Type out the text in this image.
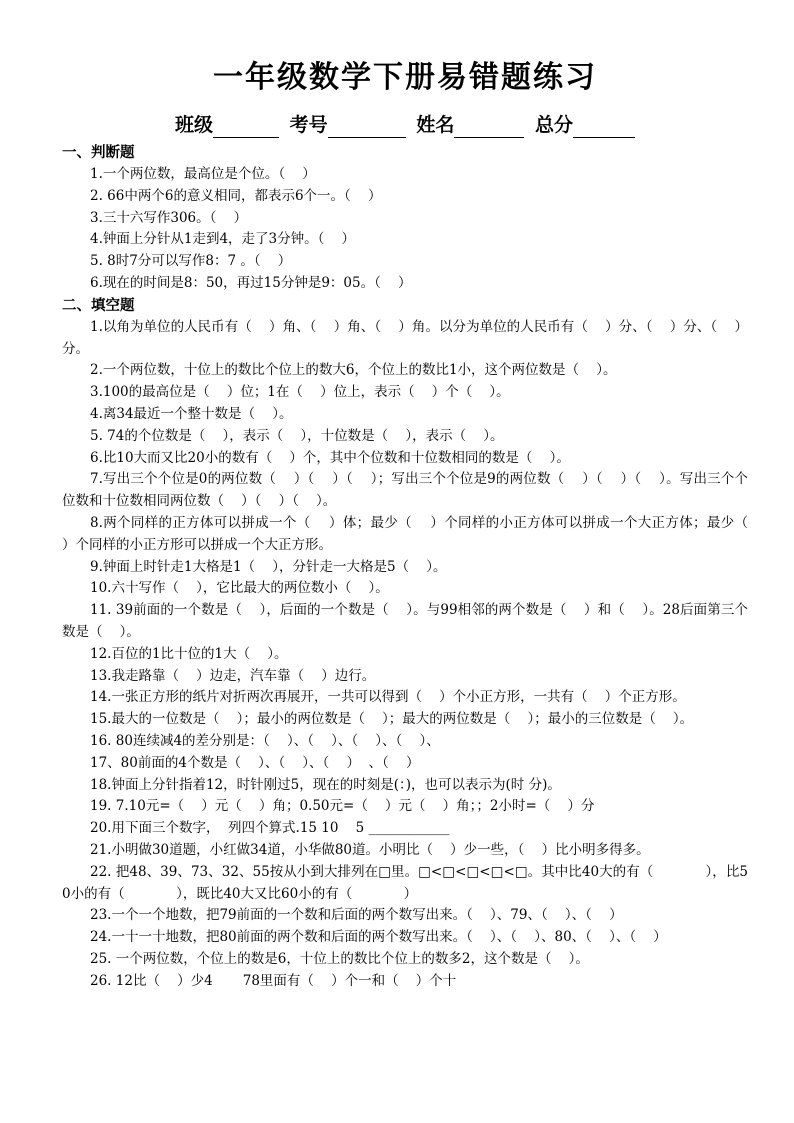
一年级数学下册易错题练习
班级	考号	姓名	总分
一、判断题

1.一个两位数，最高位是个位。（    ）

2. 66中两个6的意义相同，都表示6个一。（    ）

3.三十六写作306。（    ）

4.钟面上分针从1走到4，走了3分钟。（    ）

5. 8时7分可以写作8：7 。（    ）

6.现在的时间是8：50，再过15分钟是9：05。（    ）

二、填空题

1.以角为单位的人民币有（    ）角、（    ）角、（    ）角。以分为单位的人民币有（    ）分、（    ）分、（    ）分。

2.一个两位数，十位上的数比个位上的数大6，个位上的数比1小，这个两位数是（    ）。

3.100的最高位是（    ）位；1在（    ）位上，表示（    ）个（    ）。

4.离34最近一个整十数是（    ）。

5. 74的个位数是（    ），表示（    ），十位数是（    ），表示（    ）。

6.比10大而又比20小的数有（    ）个，其中个位数和十位数相同的数是（    ）。

7.写出三个个位是0的两位数（    ）（    ）（    ）；写出三个个位是9的两位数（    ）（    ）（    ）。写出三个个位数和十位数相同两位数（    ）（    ）（    ）。

8.两个同样的正方体可以拼成一个（    ）体；最少（    ）个同样的小正方体可以拼成一个大正方体；最少（    ）个同样的小正方形可以拼成一个大正方形。

9.钟面上时针走1大格是1（    ），分针走一大格是5（    ）。

10.六十写作（    ），它比最大的两位数小（    ）。

11. 39前面的一个数是（    ），后面的一个数是（    ）。与99相邻的两个数是（    ）和（    ）。28后面第三个数是（    ）。

12.百位的1比十位的1大（    ）。

13.我走路靠（    ）边走，汽车靠（    ）边行。

14.一张正方形的纸片对折两次再展开，一共可以得到（    ）个小正方形，一共有（    ）个正方形。

15.最大的一位数是（    ）；最小的两位数是（    ）；最大的两位数是（    ）；最小的三位数是（    ）。

16. 80连续减4的差分别是：（    ）、（    ）、（    ）、（    ）、

17、80前面的4个数是（    ）、（    ）、（    ）  、（    ）

18.钟面上分针指着12，时针刚过5，现在的时刻是(：)，也可以表示为(时 分)。

19. 7.10元=（    ）元（    ）角；0.50元=（    ）元（    ）角；；2小时=（    ）分

20.用下面三个数字，  列四个算式.15 10    5 ____________

21.小明做30道题，小红做34道，小华做80道。小明比（    ）少一些，（    ）比小明多得多。

22. 把48、39、73、32、55按从小到大排列在□里。□<□<□<□<□。其中比40大的有（            ），比50小的有（            ），既比40大又比60小的有（            ）

23.一个一个地数，把79前面的一个数和后面的两个数写出来。（    ）、79、（    ）、（    ）

24.一十一十地数，把80前面的两个数和后面的两个数写出来。（    ）、（    ）、80、（    ）、（    ）

25. 一个两位数，个位上的数是6，十位上的数比个位上的数多2，这个数是（    ）。

26. 12比（    ）少4       78里面有（    ）个一和（    ）个十
